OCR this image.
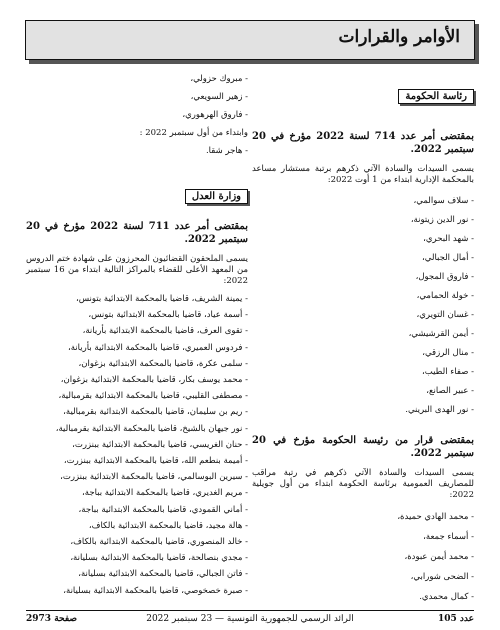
الأوامر والقرارات
رئاسة الحكومة

بمقتضى أمر عدد 714 لسنة 2022 مؤرخ في 20 سبتمبر 2022.

يسمى السيدات والسادة الآتي ذكرهم برتبة مستشار مساعد بالمحكمة الإدارية ابتداء من 1 أوت 2022:

- سلاف سوالمي،
- نور الدين زيتونة،
- شهد البحري،
- أمال الجبالي،
- فاروق المجول،
- خولة الحمامي،
- غسان التويري،
- أيمن القرشيشي،
- منال الرزقي،
- صفاء الطيب،
- عبير الصانع،
- نور الهدى البريني.

بمقتضى قرار من رئيسة الحكومة مؤرخ في 20 سبتمبر 2022.

يسمى السيدات والسادة الآتي ذكرهم في رتبة مراقب للمصاريف العمومية برئاسة الحكومة ابتداء من أول جويلية 2022:

- محمد الهادي حميدة،
- أسماء جمعة،
- محمد أيمن عبودة،
- الضحى شورابي،
- كمال محمدي.
- مبروك حزولي،
- زهير السويعي،
- فاروق الهرهوري،
وابتداء من أول سبتمبر 2022 :
- هاجر شقا.
وزارة العدل

بمقتضى أمر عدد 711 لسنة 2022 مؤرخ في 20 سبتمبر 2022.

يسمى الملحقون القضائيون المحرزون على شهادة ختم الدروس من المعهد الأعلى للقضاء بالمراكز التالية ابتداء من 16 سبتمبر 2022:

- يمينة الشريف، قاضيا بالمحكمة الابتدائية بتونس،
- أسمة عياد، قاضيا بالمحكمة الابتدائية بتونس،
- تقوى العرف، قاضيا بالمحكمة الابتدائية بأريانة،
- فردوس العميري، قاضيا بالمحكمة الابتدائية بأريانة،
- سلمى عكرة، قاضيا بالمحكمة الابتدائية بزغوان،
- محمد يوسف بكار، قاضيا بالمحكمة الابتدائية بزغوان،
- مصطفى القليبي، قاضيا بالمحكمة الابتدائية بقرمبالية،
- ريم بن سليمان، قاضيا بالمحكمة الابتدائية بقرمبالية،
- نور جيهان بالشيخ، قاضيا بالمحكمة الابتدائية بقرمبالية،
- حنان الغريسي، قاضيا بالمحكمة الابتدائية ببنزرت،
- أميمة بنطعم الله، قاضيا بالمحكمة الابتدائية ببنزرت،
- سيرين البوسالمي، قاضيا بالمحكمة الابتدائية ببنزرت،
- مريم الغديري، قاضيا بالمحكمة الابتدائية بباجة،
- أماني القمودي، قاضيا بالمحكمة الابتدائية بباجة،
- هالة مجيد، قاضيا بالمحكمة الابتدائية بالكاف،
- خالد المنصوري، قاضيا بالمحكمة الابتدائية بالكاف،
- مجدي بنصالحة، قاضيا بالمحكمة الابتدائية بسليانة،
- فاتن الجبالي، قاضيا بالمحكمة الابتدائية بسليانة،
- صبرة خصخوصي، قاضيا بالمحكمة الابتدائية بسليانة،
عدد 105
الرائد الرسمي للجمهورية التونسية — 23 سبتمبر 2022
صفحة 2973
